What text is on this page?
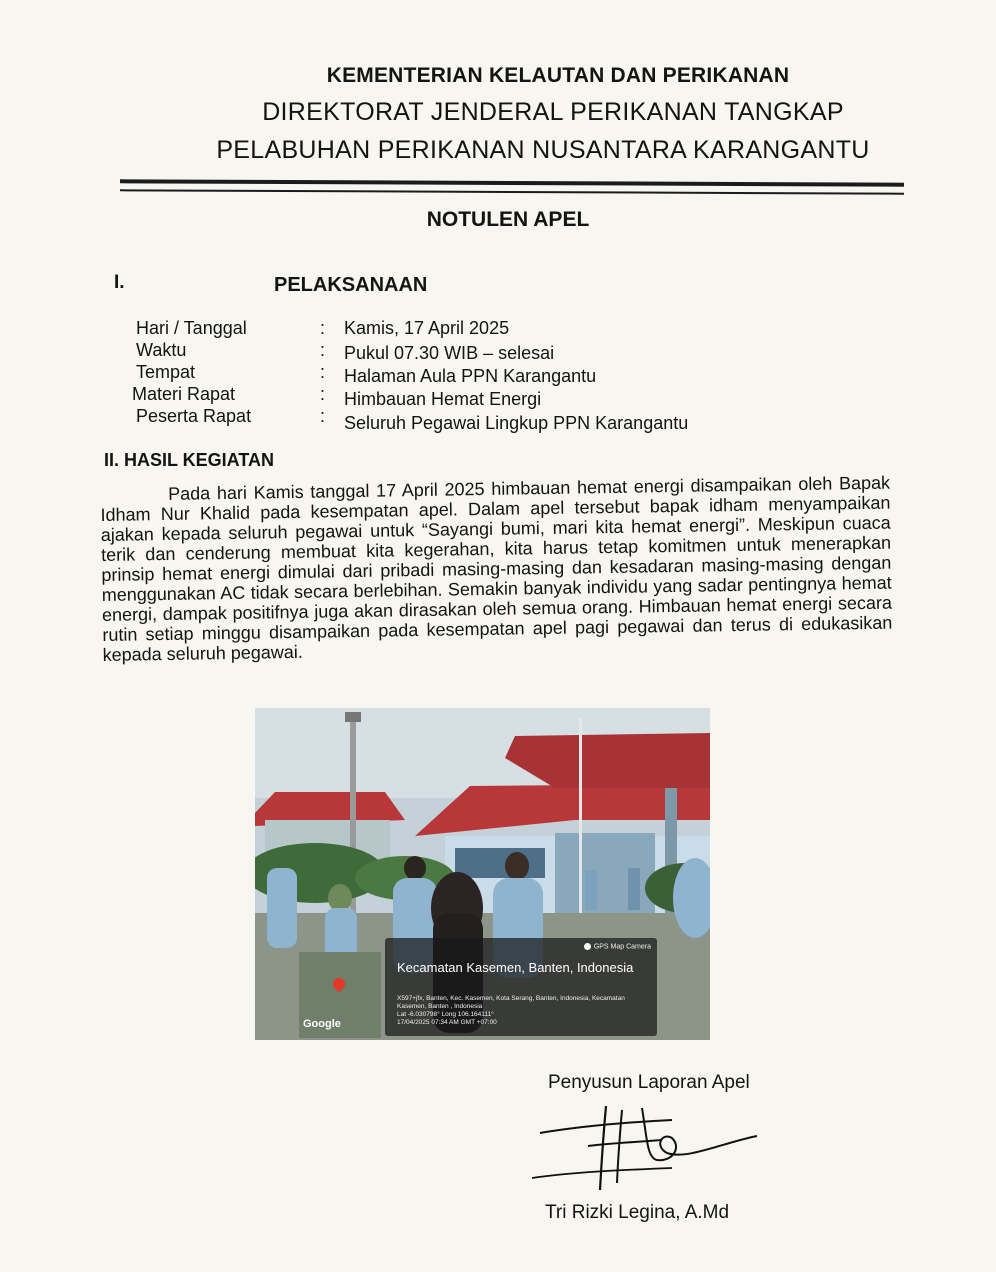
KEMENTERIAN KELAUTAN DAN PERIKANAN
DIREKTORAT JENDERAL PERIKANAN TANGKAP
PELABUHAN PERIKANAN NUSANTARA KARANGANTU
NOTULEN APEL
I.	PELAKSANAAN
Hari / Tanggal	: Kamis, 17 April 2025
Waktu	: Pukul 07.30 WIB – selesai
Tempat	: Halaman Aula PPN Karangantu
Materi Rapat	: Himbauan Hemat Energi
Peserta Rapat	: Seluruh Pegawai Lingkup PPN Karangantu
II. HASIL KEGIATAN

Pada hari Kamis tanggal 17 April 2025 himbauan hemat energi disampaikan oleh Bapak Idham Nur Khalid pada kesempatan apel. Dalam apel tersebut bapak idham menyampaikan ajakan kepada seluruh pegawai untuk “Sayangi bumi, mari kita hemat energi”. Meskipun cuaca terik dan cenderung membuat kita kegerahan, kita harus tetap komitmen untuk menerapkan prinsip hemat energi dimulai dari pribadi masing-masing dan kesadaran masing-masing dengan menggunakan AC tidak secara berlebihan. Semakin banyak individu yang sadar pentingnya hemat energi, dampak positifnya juga akan dirasakan oleh semua orang. Himbauan hemat energi secara rutin setiap minggu disampaikan pada kesempatan apel pagi pegawai dan terus di edukasikan kepada seluruh pegawai.

Google
GPS Map Camera
Kecamatan Kasemen, Banten, Indonesia
X597+jfx, Banten, Kec. Kasemen, Kota Serang, Banten, Indonesia, Kecamatan Kasemen, Banten , Indonesia
Lat -6.030798° Long 106.164111°
17/04/2025 07:34 AM GMT +07:00
Penyusun Laporan Apel
Tri Rizki Legina, A.Md
